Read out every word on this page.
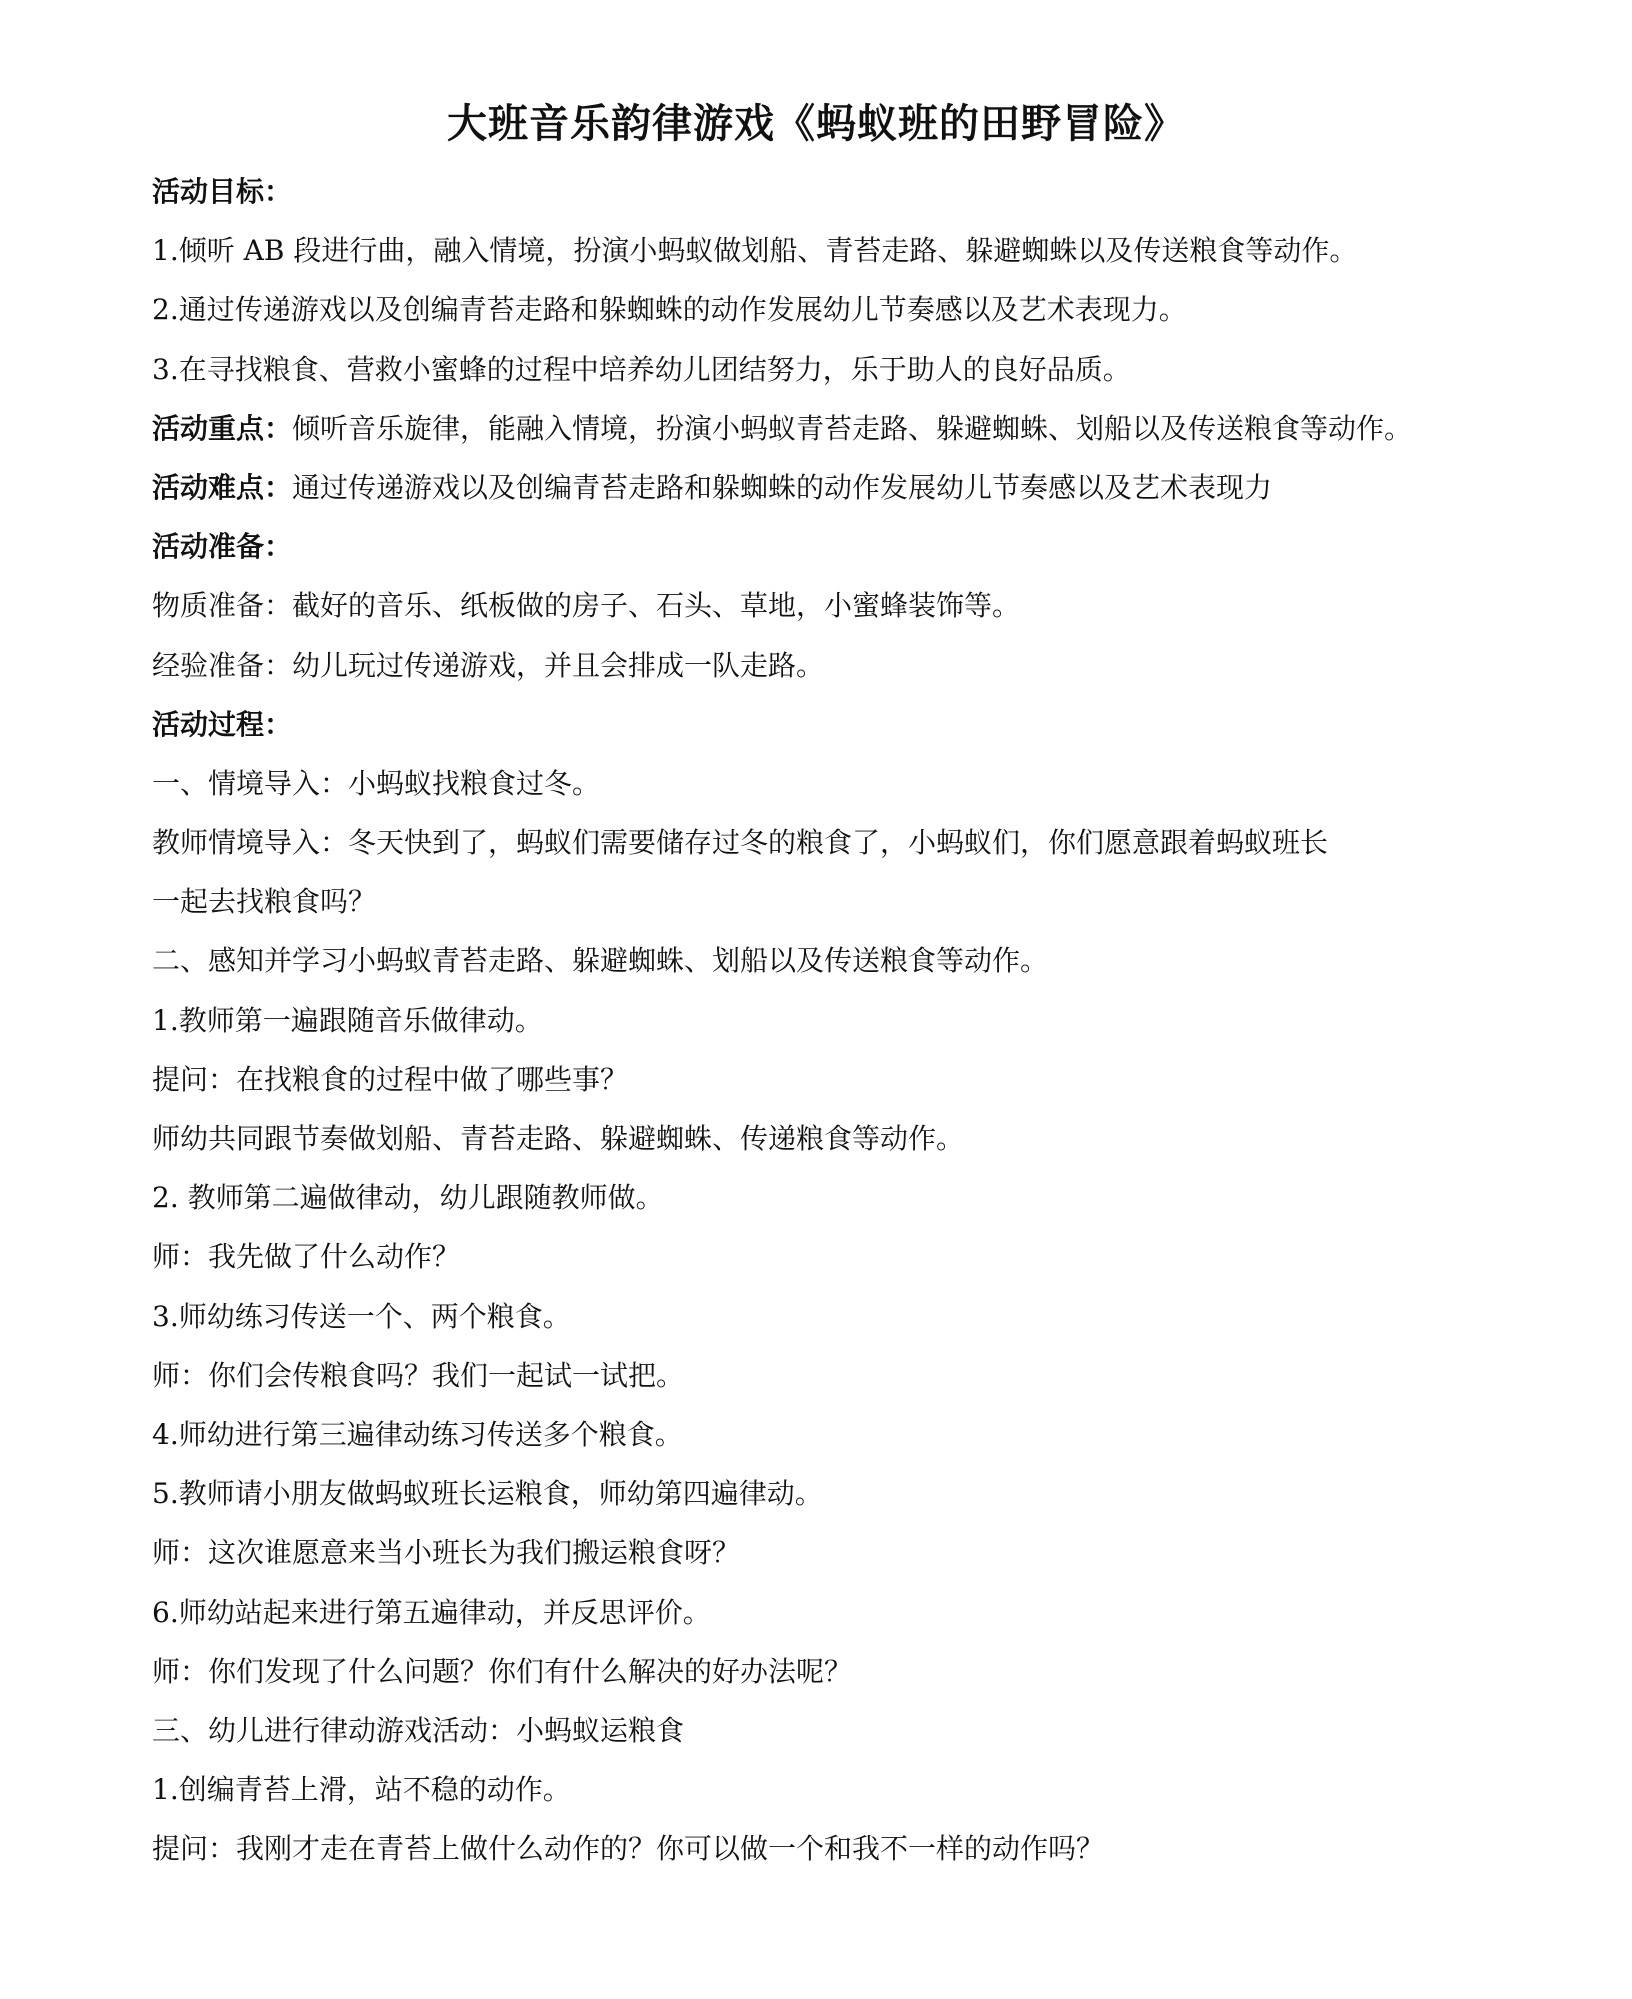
大班音乐韵律游戏《蚂蚁班的田野冒险》
活动目标：
1.倾听 AB 段进行曲，融入情境，扮演小蚂蚁做划船、青苔走路、躲避蜘蛛以及传送粮食等动作。
2.通过传递游戏以及创编青苔走路和躲蜘蛛的动作发展幼儿节奏感以及艺术表现力。
3.在寻找粮食、营救小蜜蜂的过程中培养幼儿团结努力，乐于助人的良好品质。
活动重点：倾听音乐旋律，能融入情境，扮演小蚂蚁青苔走路、躲避蜘蛛、划船以及传送粮食等动作。
活动难点：通过传递游戏以及创编青苔走路和躲蜘蛛的动作发展幼儿节奏感以及艺术表现力
活动准备：
物质准备：截好的音乐、纸板做的房子、石头、草地，小蜜蜂装饰等。
经验准备：幼儿玩过传递游戏，并且会排成一队走路。
活动过程：
一、情境导入：小蚂蚁找粮食过冬。
教师情境导入：冬天快到了，蚂蚁们需要储存过冬的粮食了，小蚂蚁们，你们愿意跟着蚂蚁班长
一起去找粮食吗？
二、感知并学习小蚂蚁青苔走路、躲避蜘蛛、划船以及传送粮食等动作。
1.教师第一遍跟随音乐做律动。
提问：在找粮食的过程中做了哪些事？
师幼共同跟节奏做划船、青苔走路、躲避蜘蛛、传递粮食等动作。
2. 教师第二遍做律动，幼儿跟随教师做。
师：我先做了什么动作？
3.师幼练习传送一个、两个粮食。
师：你们会传粮食吗？我们一起试一试把。
4.师幼进行第三遍律动练习传送多个粮食。
5.教师请小朋友做蚂蚁班长运粮食，师幼第四遍律动。
师：这次谁愿意来当小班长为我们搬运粮食呀？
6.师幼站起来进行第五遍律动，并反思评价。
师：你们发现了什么问题？你们有什么解决的好办法呢？
三、幼儿进行律动游戏活动：小蚂蚁运粮食
1.创编青苔上滑，站不稳的动作。
提问：我刚才走在青苔上做什么动作的？你可以做一个和我不一样的动作吗？
